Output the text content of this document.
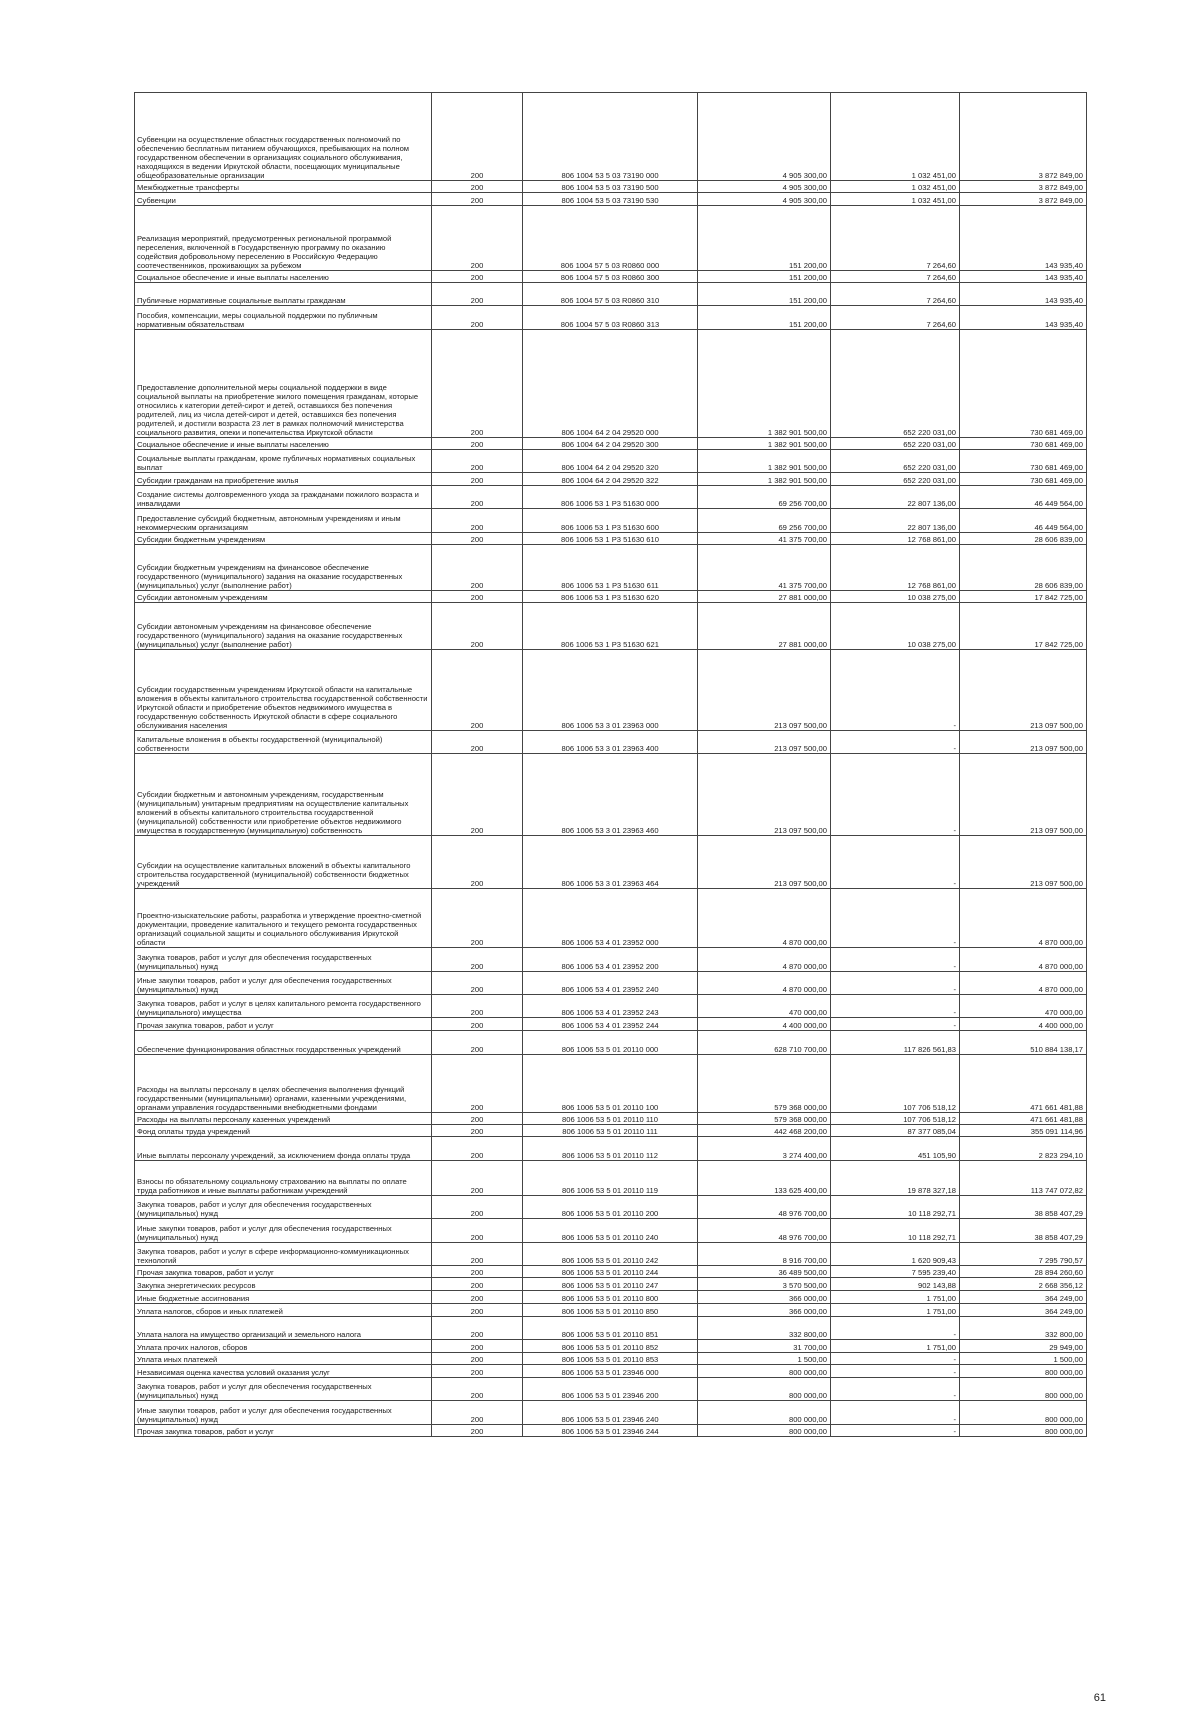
Субвенции на осуществление областных государственных полномочий по обеспечению бесплатным питанием обучающихся, пребывающих на полном государственном обеспечении в организациях социального обслуживания, находящихся в ведении Иркутской области, посещающих муниципальные общеобразовательные организации	200	806 1004 53 5 03 73190 000	4 905 300,00	1 032 451,00	3 872 849,00
Межбюджетные трансферты	200	806 1004 53 5 03 73190 500	4 905 300,00	1 032 451,00	3 872 849,00
Субвенции	200	806 1004 53 5 03 73190 530	4 905 300,00	1 032 451,00	3 872 849,00
Реализация мероприятий, предусмотренных региональной программой переселения, включенной в Государственную программу по оказанию содействия добровольному переселению в Российскую Федерацию соотечественников, проживающих за рубежом	200	806 1004 57 5 03 R0860 000	151 200,00	7 264,60	143 935,40
Социальное обеспечение и иные выплаты населению	200	806 1004 57 5 03 R0860 300	151 200,00	7 264,60	143 935,40
Публичные нормативные социальные выплаты гражданам	200	806 1004 57 5 03 R0860 310	151 200,00	7 264,60	143 935,40
Пособия, компенсации, меры социальной поддержки по публичным нормативным обязательствам	200	806 1004 57 5 03 R0860 313	151 200,00	7 264,60	143 935,40
Предоставление дополнительной меры социальной поддержки в виде социальной выплаты на приобретение жилого помещения гражданам, которые относились к категории детей-сирот и детей, оставшихся без попечения родителей, лиц из числа детей-сирот и детей, оставшихся без попечения родителей, и достигли возраста 23 лет в рамках полномочий министерства социального развития, опеки и попечительства Иркутской области	200	806 1004 64 2 04 29520 000	1 382 901 500,00	652 220 031,00	730 681 469,00
Социальное обеспечение и иные выплаты населению	200	806 1004 64 2 04 29520 300	1 382 901 500,00	652 220 031,00	730 681 469,00
Социальные выплаты гражданам, кроме публичных нормативных социальных выплат	200	806 1004 64 2 04 29520 320	1 382 901 500,00	652 220 031,00	730 681 469,00
Субсидии гражданам на приобретение жилья	200	806 1004 64 2 04 29520 322	1 382 901 500,00	652 220 031,00	730 681 469,00
Создание системы долговременного ухода за гражданами пожилого возраста и инвалидами	200	806 1006 53 1 P3 51630 000	69 256 700,00	22 807 136,00	46 449 564,00
Предоставление субсидий бюджетным, автономным учреждениям и иным некоммерческим организациям	200	806 1006 53 1 P3 51630 600	69 256 700,00	22 807 136,00	46 449 564,00
Субсидии бюджетным учреждениям	200	806 1006 53 1 P3 51630 610	41 375 700,00	12 768 861,00	28 606 839,00
Субсидии бюджетным учреждениям на финансовое обеспечение государственного (муниципального) задания на оказание государственных (муниципальных) услуг (выполнение работ)	200	806 1006 53 1 P3 51630 611	41 375 700,00	12 768 861,00	28 606 839,00
Субсидии автономным учреждениям	200	806 1006 53 1 P3 51630 620	27 881 000,00	10 038 275,00	17 842 725,00
Субсидии автономным учреждениям на финансовое обеспечение государственного (муниципального) задания на оказание государственных (муниципальных) услуг (выполнение работ)	200	806 1006 53 1 P3 51630 621	27 881 000,00	10 038 275,00	17 842 725,00
Субсидии государственным учреждениям Иркутской области на капитальные вложения в объекты капитального строительства государственной собственности Иркутской области и приобретение объектов недвижимого имущества в государственную собственность Иркутской области в сфере социального обслуживания населения	200	806 1006 53 3 01 23963 000	213 097 500,00	-	213 097 500,00
Капитальные вложения в объекты государственной (муниципальной) собственности	200	806 1006 53 3 01 23963 400	213 097 500,00	-	213 097 500,00
Субсидии бюджетным и автономным учреждениям, государственным (муниципальным) унитарным предприятиям на осуществление капитальных вложений в объекты капитального строительства государственной (муниципальной) собственности или приобретение объектов недвижимого имущества в государственную (муниципальную) собственность	200	806 1006 53 3 01 23963 460	213 097 500,00	-	213 097 500,00
Субсидии на осуществление капитальных вложений в объекты капитального строительства государственной (муниципальной) собственности бюджетных учреждений	200	806 1006 53 3 01 23963 464	213 097 500,00	-	213 097 500,00
Проектно-изыскательские работы, разработка и утверждение проектно-сметной документации, проведение капитального и текущего ремонта государственных организаций социальной защиты и социального обслуживания Иркутской области	200	806 1006 53 4 01 23952 000	4 870 000,00	-	4 870 000,00
Закупка товаров, работ и услуг для обеспечения государственных (муниципальных) нужд	200	806 1006 53 4 01 23952 200	4 870 000,00	-	4 870 000,00
Иные закупки товаров, работ и услуг для обеспечения государственных (муниципальных) нужд	200	806 1006 53 4 01 23952 240	4 870 000,00	-	4 870 000,00
Закупка товаров, работ и услуг в целях капитального ремонта государственного (муниципального) имущества	200	806 1006 53 4 01 23952 243	470 000,00	-	470 000,00
Прочая закупка товаров, работ и услуг	200	806 1006 53 4 01 23952 244	4 400 000,00	-	4 400 000,00
Обеспечение функционирования областных государственных учреждений	200	806 1006 53 5 01 20110 000	628 710 700,00	117 826 561,83	510 884 138,17
Расходы на выплаты персоналу в целях обеспечения выполнения функций государственными (муниципальными) органами, казенными учреждениями, органами управления государственными внебюджетными фондами	200	806 1006 53 5 01 20110 100	579 368 000,00	107 706 518,12	471 661 481,88
Расходы на выплаты персоналу казенных учреждений	200	806 1006 53 5 01 20110 110	579 368 000,00	107 706 518,12	471 661 481,88
Фонд оплаты труда учреждений	200	806 1006 53 5 01 20110 111	442 468 200,00	87 377 085,04	355 091 114,96
Иные выплаты персоналу учреждений, за исключением фонда оплаты труда	200	806 1006 53 5 01 20110 112	3 274 400,00	451 105,90	2 823 294,10
Взносы по обязательному социальному страхованию на выплаты по оплате труда работников и иные выплаты работникам учреждений	200	806 1006 53 5 01 20110 119	133 625 400,00	19 878 327,18	113 747 072,82
Закупка товаров, работ и услуг для обеспечения государственных (муниципальных) нужд	200	806 1006 53 5 01 20110 200	48 976 700,00	10 118 292,71	38 858 407,29
Иные закупки товаров, работ и услуг для обеспечения государственных (муниципальных) нужд	200	806 1006 53 5 01 20110 240	48 976 700,00	10 118 292,71	38 858 407,29
Закупка товаров, работ и услуг в сфере информационно-коммуникационных технологий	200	806 1006 53 5 01 20110 242	8 916 700,00	1 620 909,43	7 295 790,57
Прочая закупка товаров, работ и услуг	200	806 1006 53 5 01 20110 244	36 489 500,00	7 595 239,40	28 894 260,60
Закупка энергетических ресурсов	200	806 1006 53 5 01 20110 247	3 570 500,00	902 143,88	2 668 356,12
Иные бюджетные ассигнования	200	806 1006 53 5 01 20110 800	366 000,00	1 751,00	364 249,00
Уплата налогов, сборов и иных платежей	200	806 1006 53 5 01 20110 850	366 000,00	1 751,00	364 249,00
Уплата налога на имущество организаций и земельного налога	200	806 1006 53 5 01 20110 851	332 800,00	-	332 800,00
Уплата прочих налогов, сборов	200	806 1006 53 5 01 20110 852	31 700,00	1 751,00	29 949,00
Уплата иных платежей	200	806 1006 53 5 01 20110 853	1 500,00	-	1 500,00
Независимая оценка качества условий оказания услуг	200	806 1006 53 5 01 23946 000	800 000,00	-	800 000,00
Закупка товаров, работ и услуг для обеспечения государственных (муниципальных) нужд	200	806 1006 53 5 01 23946 200	800 000,00	-	800 000,00
Иные закупки товаров, работ и услуг для обеспечения государственных (муниципальных) нужд	200	806 1006 53 5 01 23946 240	800 000,00	-	800 000,00
Прочая закупка товаров, работ и услуг	200	806 1006 53 5 01 23946 244	800 000,00	-	800 000,00
61
